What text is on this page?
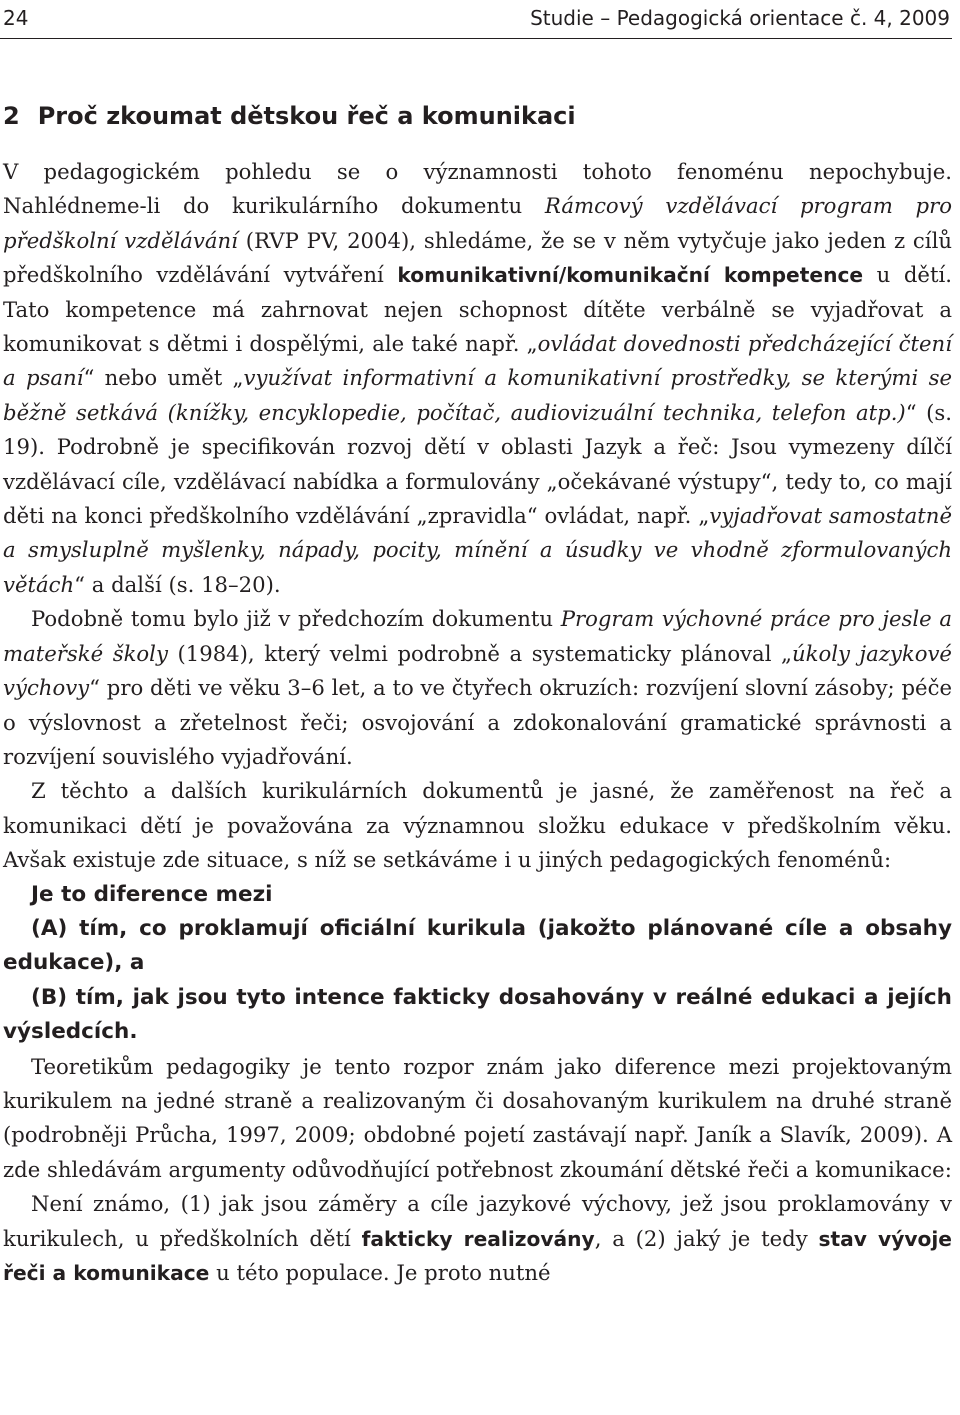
24	Studie – Pedagogická orientace č. 4, 2009
2 Proč zkoumat dětskou řeč a komunikaci

V pedagogickém pohledu se o významnosti tohoto fenoménu nepochybuje. Nahlédneme-li do kurikulárního dokumentu Rámcový vzdělávací program pro předškolní vzdělávání (RVP PV, 2004), shledáme, že se v něm vytyčuje jako jeden z cílů předškolního vzdělávání vytváření komunikativní/komunikační kompetence u dětí. Tato kompetence má zahrnovat nejen schopnost dítěte verbálně se vyjadřovat a komunikovat s dětmi i dospělými, ale také např. „ovládat dovednosti předcházející čtení a psaní“ nebo umět „využívat informativní a komunikativní prostředky, se kterými se běžně setkává (knížky, encyklopedie, počítač, audiovizuální technika, telefon atp.)“ (s. 19). Podrobně je specifikován rozvoj dětí v oblasti Jazyk a řeč: Jsou vymezeny dílčí vzdělávací cíle, vzdělávací nabídka a formulovány „očekávané výstupy“, tedy to, co mají děti na konci předškolního vzdělávání „zpravidla“ ovládat, např. „vyjadřovat samostatně a smysluplně myšlenky, nápady, pocity, mínění a úsudky ve vhodně zformulovaných větách“ a další (s. 18–20).

Podobně tomu bylo již v předchozím dokumentu Program výchovné práce pro jesle a mateřské školy (1984), který velmi podrobně a systematicky plánoval „úkoly jazykové výchovy“ pro děti ve věku 3–6 let, a to ve čtyřech okruzích: rozvíjení slovní zásoby; péče o výslovnost a zřetelnost řeči; osvojování a zdokonalování gramatické správnosti a rozvíjení souvislého vyjadřování.

Z těchto a dalších kurikulárních dokumentů je jasné, že zaměřenost na řeč a komunikaci dětí je považována za významnou složku edukace v předškolním věku. Avšak existuje zde situace, s níž se setkáváme i u jiných pedagogických fenoménů:

Je to diference mezi

(A) tím, co proklamují oficiální kurikula (jakožto plánované cíle a obsahy edukace), a

(B) tím, jak jsou tyto intence fakticky dosahovány v reálné edukaci a jejích výsledcích.

Teoretikům pedagogiky je tento rozpor znám jako diference mezi projektovaným kurikulem na jedné straně a realizovaným či dosahovaným kurikulem na druhé straně (podrobněji Průcha, 1997, 2009; obdobné pojetí zastávají např. Janík a Slavík, 2009). A zde shledávám argumenty odůvodňující potřebnost zkoumání dětské řeči a komunikace:

Není známo, (1) jak jsou záměry a cíle jazykové výchovy, jež jsou proklamovány v kurikulech, u předškolních dětí fakticky realizovány, a (2) jaký je tedy stav vývoje řeči a komunikace u této populace. Je proto nutné
